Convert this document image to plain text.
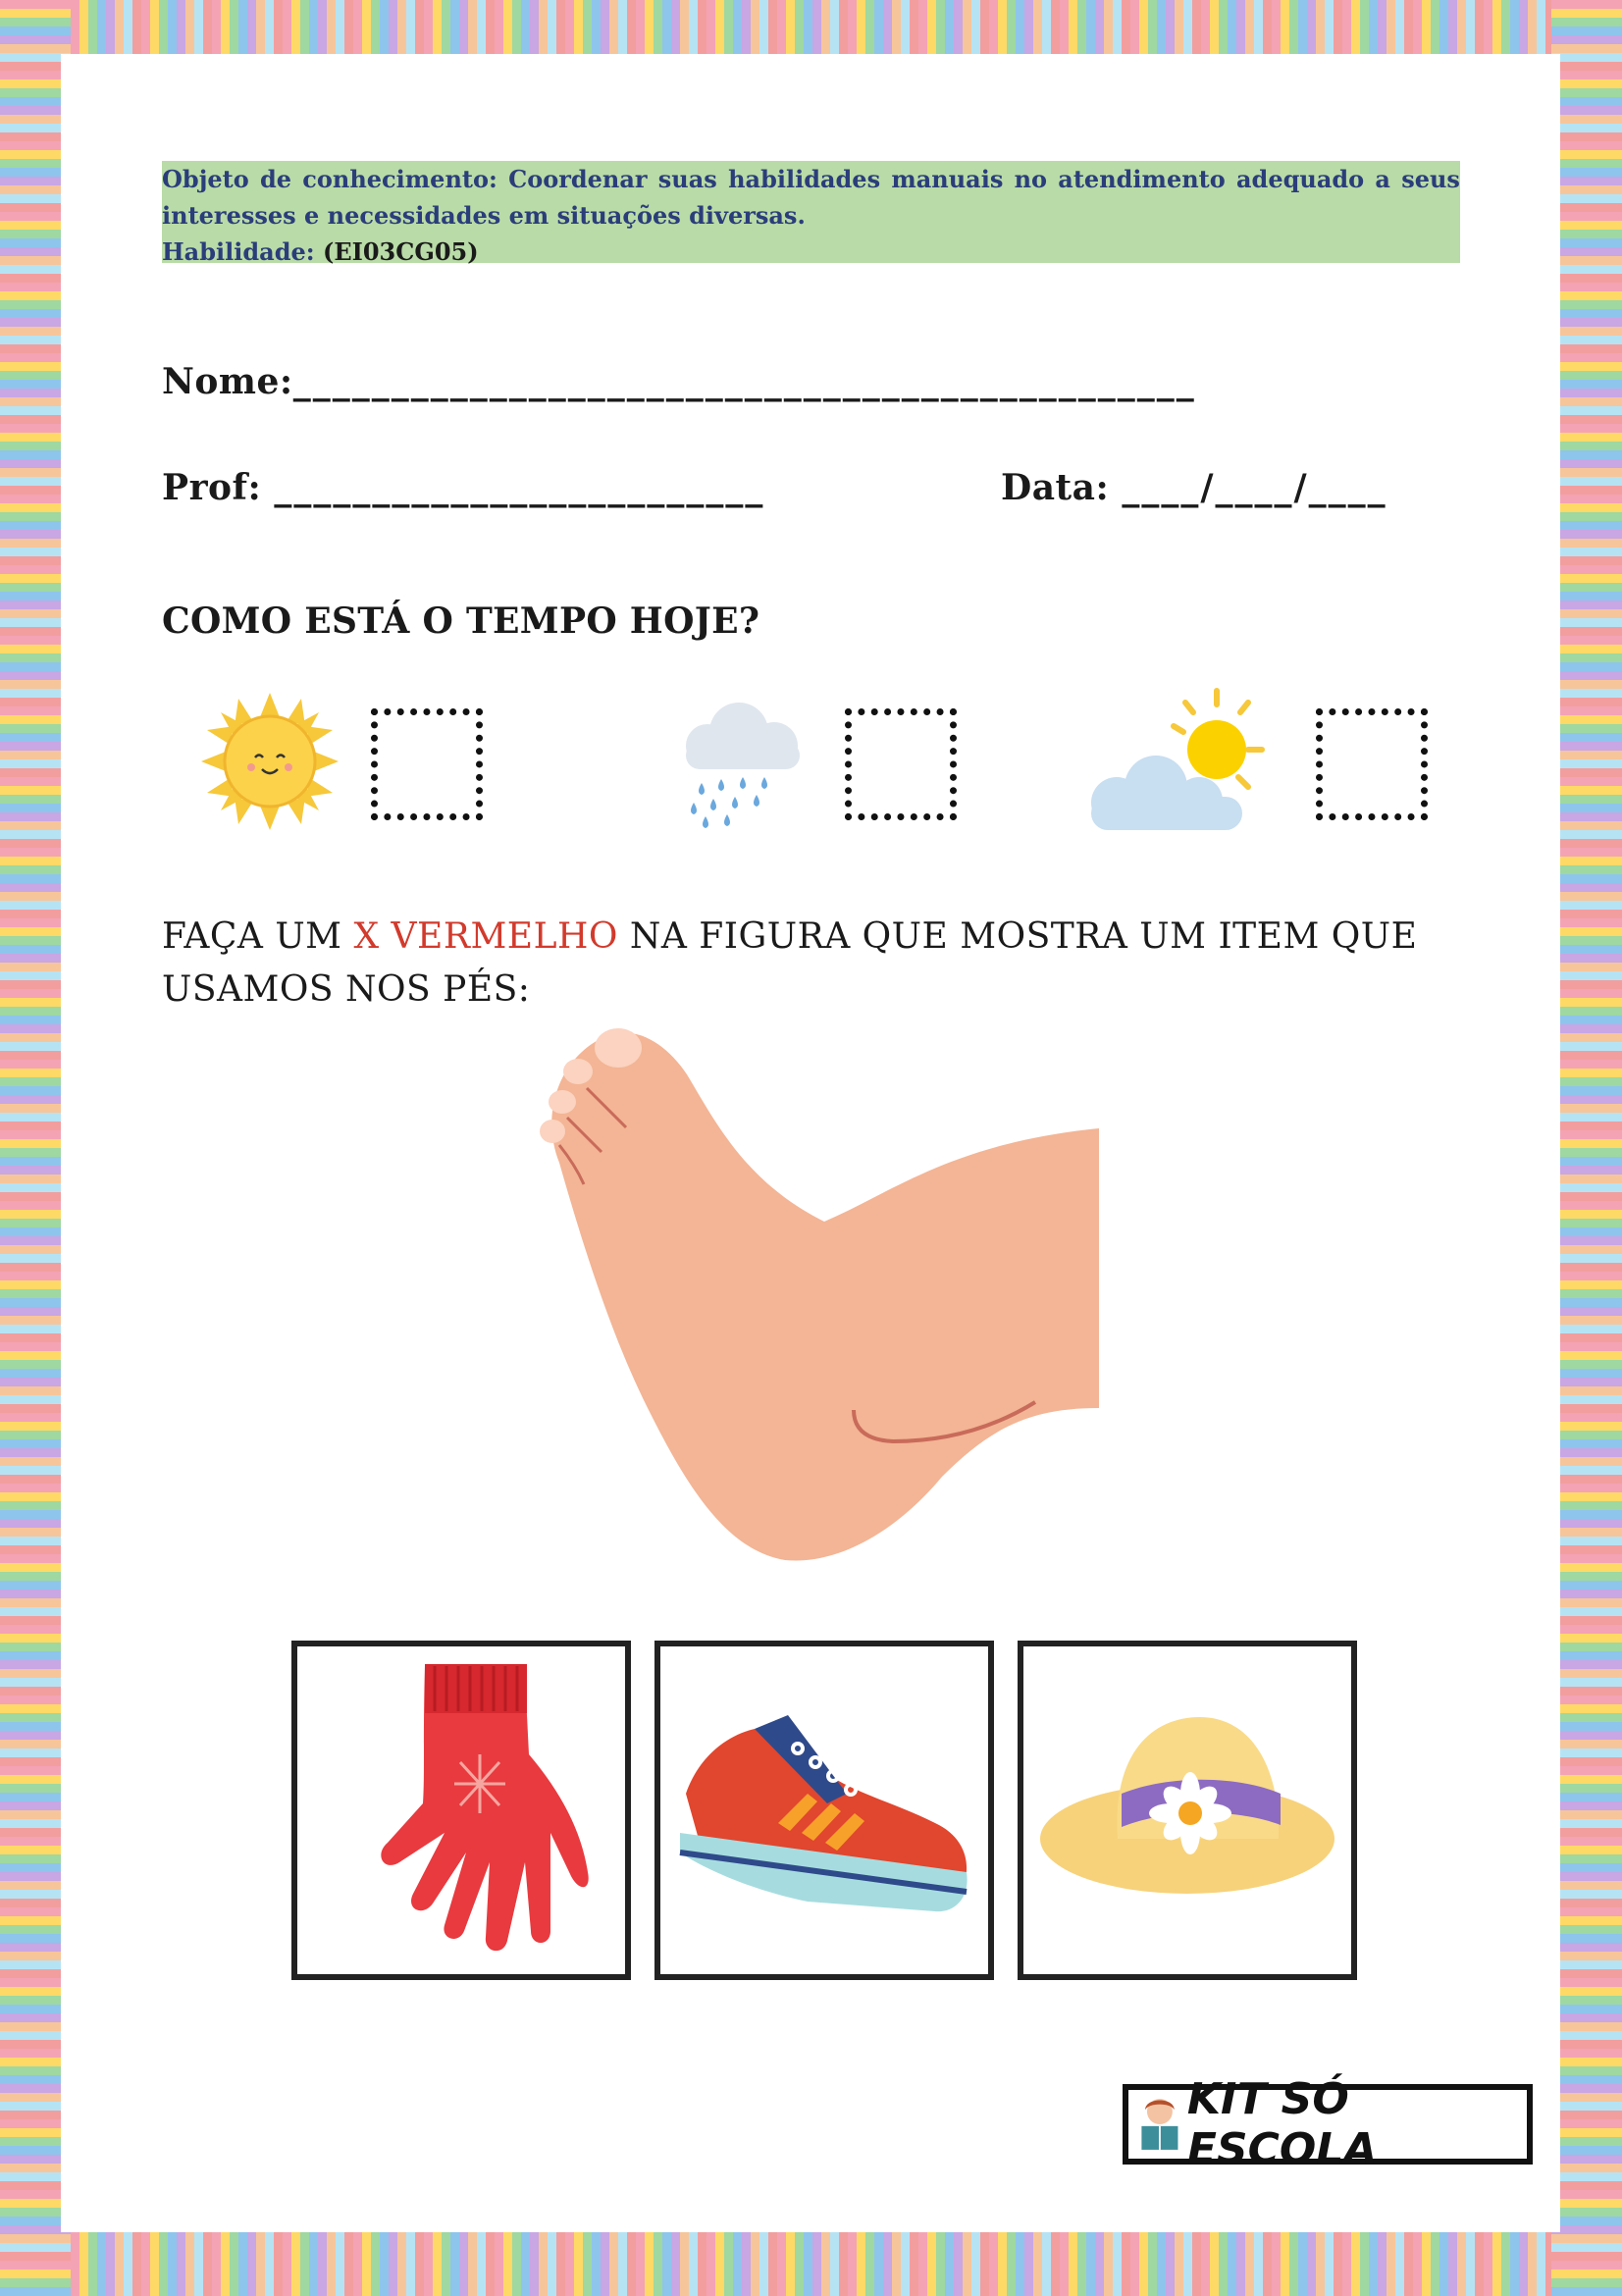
Objeto de conhecimento: Coordenar suas habilidades manuais no atendimento adequado a seus
interesses e necessidades em situações diversas.
Habilidade: (EI03CG05)
Nome:______________________________________________
Prof: _________________________	Data: ____/____/____
COMO ESTÁ O TEMPO HOJE?
FAÇA UM X VERMELHO NA FIGURA QUE MOSTRA UM ITEM QUE USAMOS NOS PÉS:
KIT SÓ ESCOLA
